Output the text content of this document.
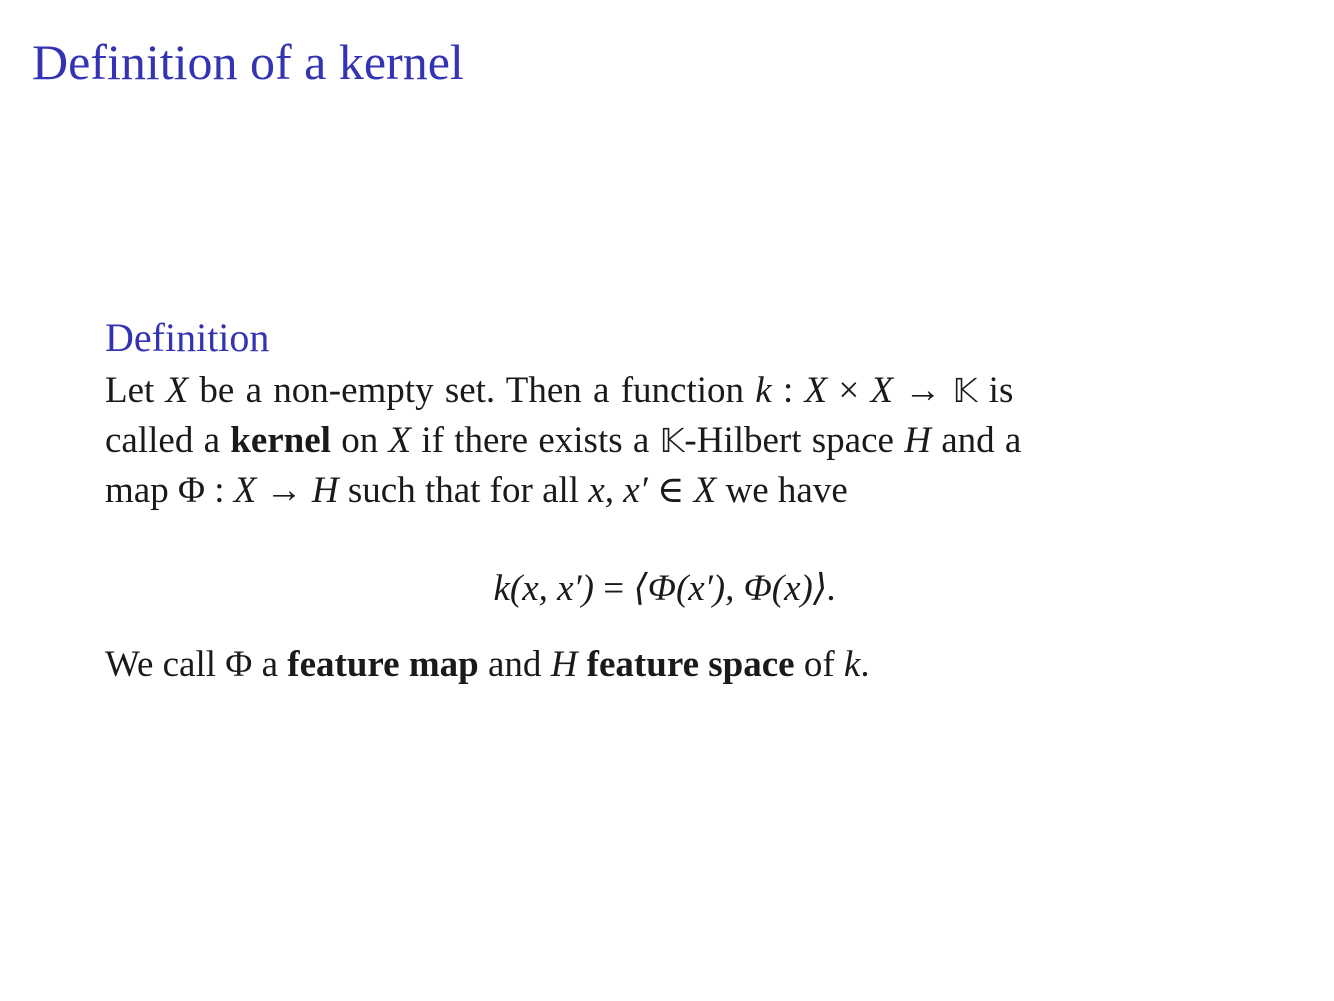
Definition of a kernel
Definition

Let X be a non-empty set. Then a function k : X × X → 𝕂 is
called a kernel on X if there exists a 𝕂-Hilbert space H and a
map Φ : X → H such that for all x, x′ ∈ X we have

k(x, x′) = ⟨Φ(x′), Φ(x)⟩.

We call Φ a feature map and H feature space of k.
